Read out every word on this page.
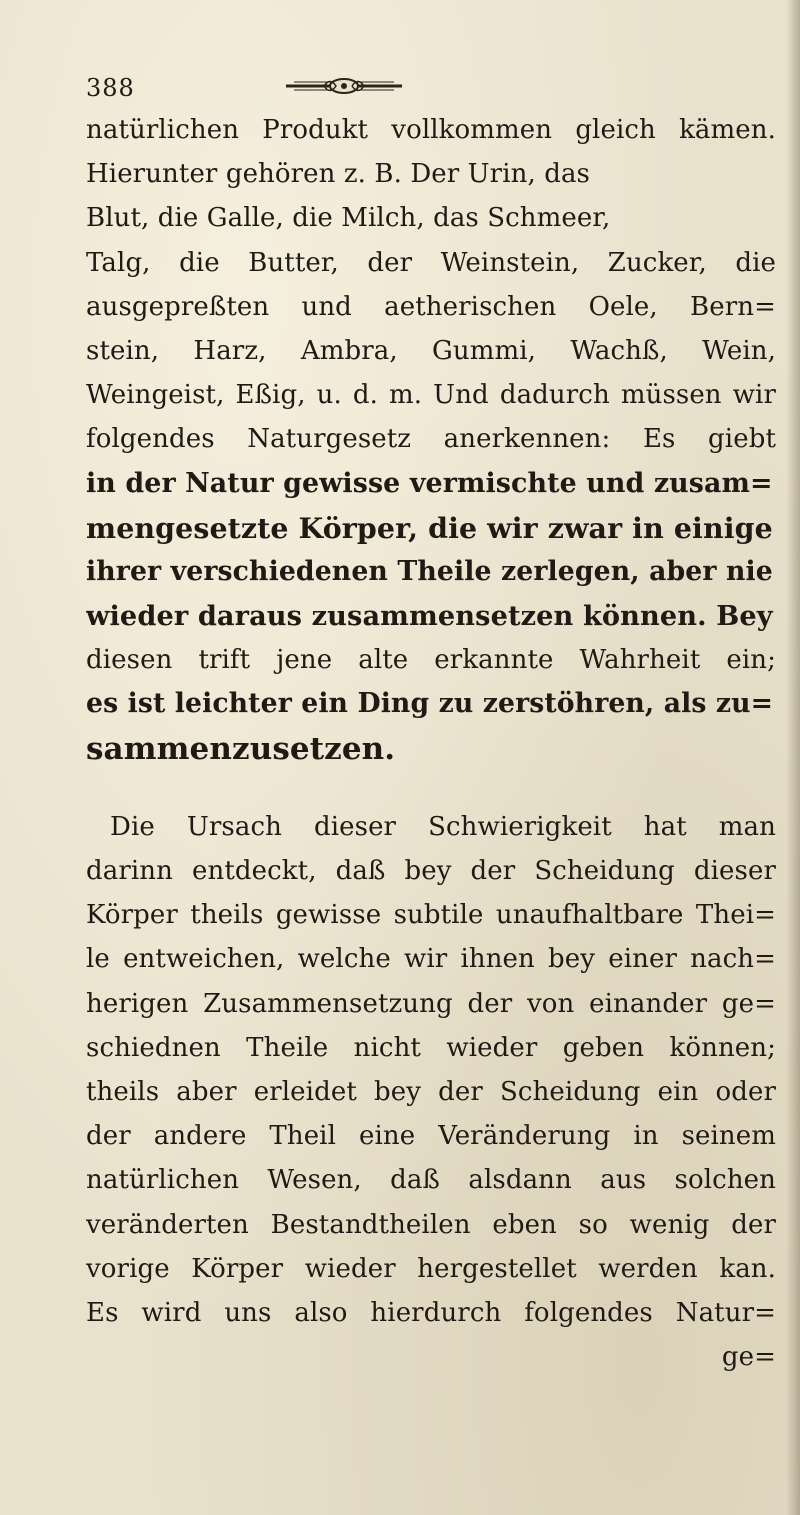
388
natürlichen Produkt vollkommen gleich kämen.
Hierunter gehören z. B. Der Urin, das
Blut, die Galle, die Milch, das Schmeer,
Talg, die Butter, der Weinstein, Zucker, die
ausgepreßten und aetherischen Oele, Bern=
stein, Harz, Ambra, Gummi, Wachß, Wein,
Weingeist, Eßig, u. d. m. Und dadurch müssen wir
folgendes Naturgesetz anerkennen: Es giebt
in der Natur gewisse vermischte und zusam=
mengesetzte Körper, die wir zwar in einige
ihrer verschiedenen Theile zerlegen, aber nie
wieder daraus zusammensetzen können. Bey
diesen trift jene alte erkannte Wahrheit ein;
es ist leichter ein Ding zu zerstöhren, als zu=
sammenzusetzen.
Die Ursach dieser Schwierigkeit hat man
darinn entdeckt, daß bey der Scheidung dieser
Körper theils gewisse subtile unaufhaltbare Thei=
le entweichen, welche wir ihnen bey einer nach=
herigen Zusammensetzung der von einander ge=
schiednen Theile nicht wieder geben können;
theils aber erleidet bey der Scheidung ein oder
der andere Theil eine Veränderung in seinem
natürlichen Wesen, daß alsdann aus solchen
veränderten Bestandtheilen eben so wenig der
vorige Körper wieder hergestellet werden kan.
Es wird uns also hierdurch folgendes Natur=
ge=
